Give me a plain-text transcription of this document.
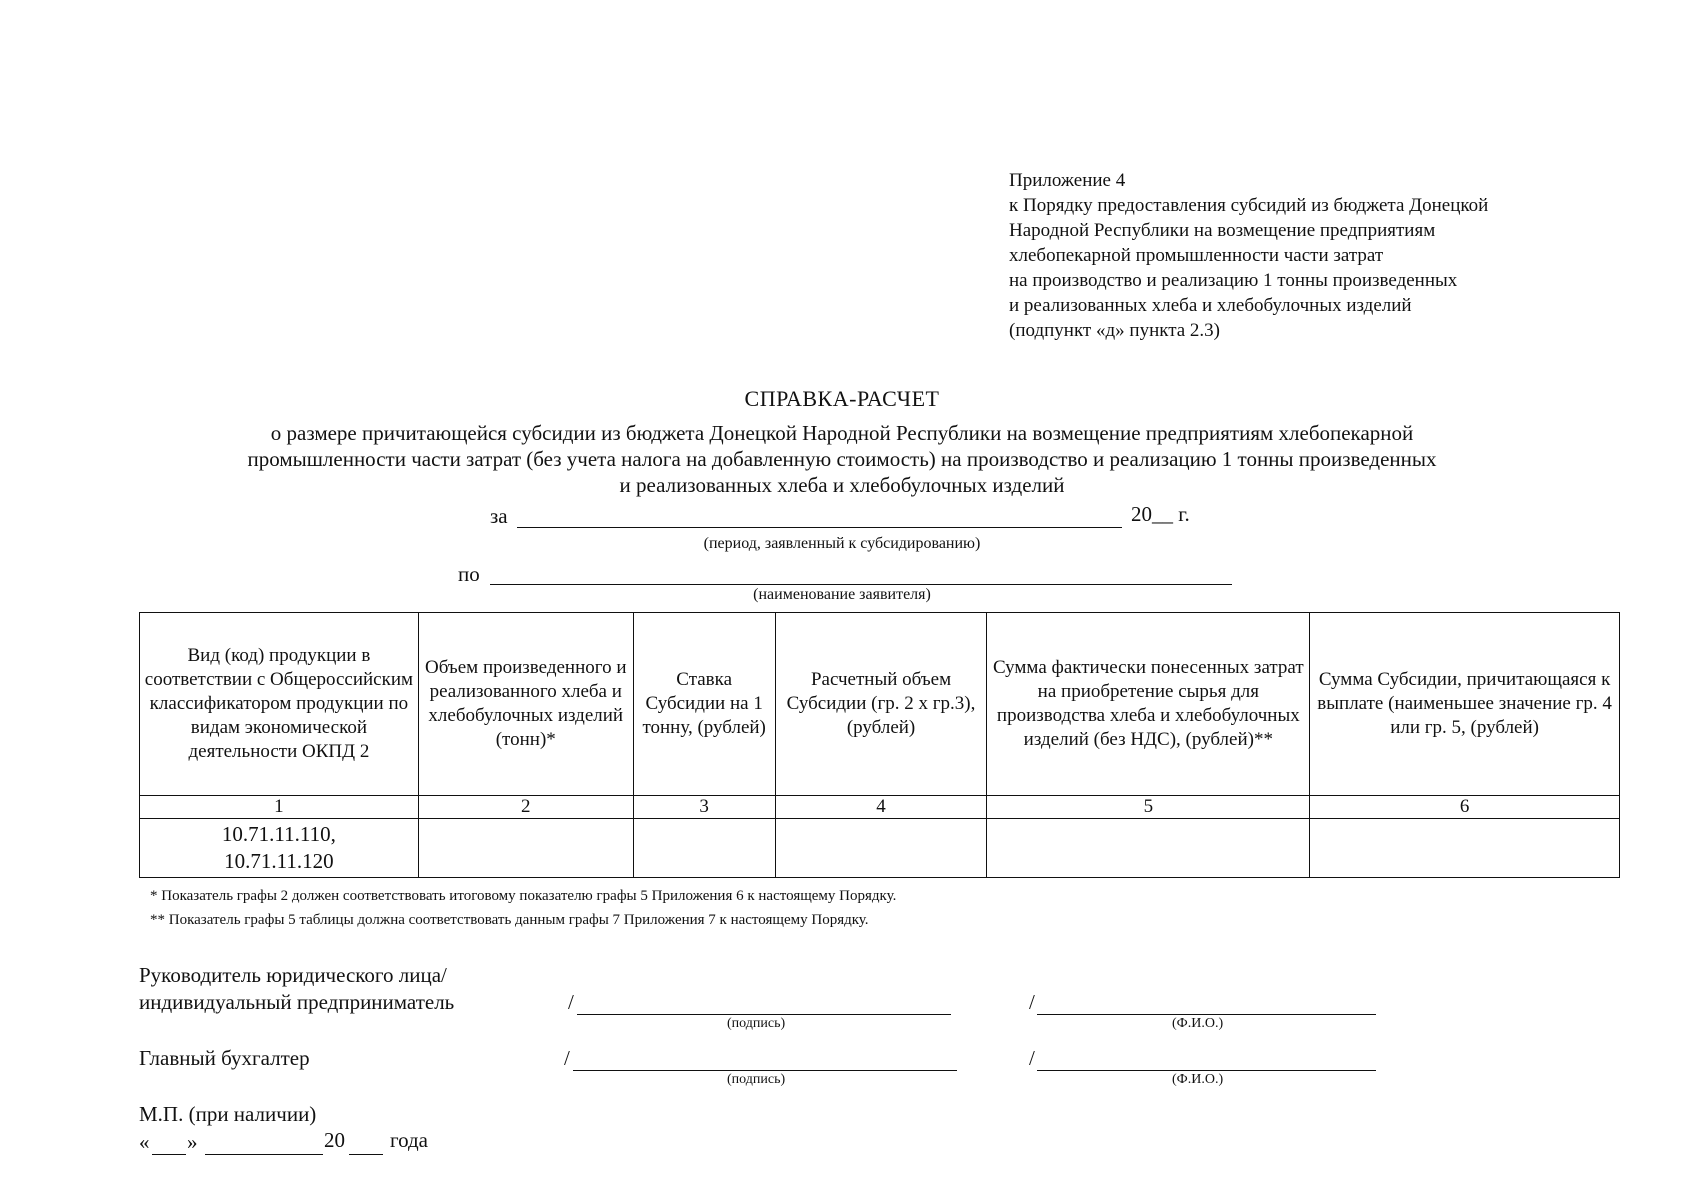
Приложение 4
к Порядку предоставления субсидий из бюджета Донецкой
Народной Республики на возмещение предприятиям
хлебопекарной промышленности части затрат
на производство и реализацию 1 тонны произведенных
и реализованных хлеба и хлебобулочных изделий
(подпункт «д» пункта 2.3)
СПРАВКА-РАСЧЕТ
о размере причитающейся субсидии из бюджета Донецкой Народной Республики на возмещение предприятиям хлебопекарной
промышленности части затрат (без учета налога на добавленную стоимость) на производство и реализацию 1 тонны произведенных
и реализованных хлеба и хлебобулочных изделий
за	20__ г.
(период, заявленный к субсидированию)
по
(наименование заявителя)
Вид (код) продукции в соответствии с Общероссийским классификатором продукции по видам экономической деятельности ОКПД 2	Объем произведенного и реализованного хлеба и хлебобулочных изделий (тонн)*	Ставка Субсидии на 1 тонну, (рублей)	Расчетный объем Субсидии (гр. 2 х гр.3), (рублей)	Сумма фактически понесенных затрат на приобретение сырья для производства хлеба и хлебобулочных изделий (без НДС), (рублей)**	Сумма Субсидии, причитающаяся к выплате (наименьшее значение гр. 4 или гр. 5, (рублей)
1	2	3	4	5	6

10.71.11.110,
10.71.11.120					

* Показатель графы 2 должен соответствовать итоговому показателю графы 5 Приложения 6 к настоящему Порядку.
** Показатель графы 5 таблицы должна соответствовать данным графы 7 Приложения 7 к настоящему Порядку.
Руководитель юридического лица/
индивидуальный предприниматель	/
(подпись)
/
(Ф.И.О.)
Главный бухгалтер	/
(подпись)
/
(Ф.И.О.)
М.П. (при наличии)
« »	20 года
